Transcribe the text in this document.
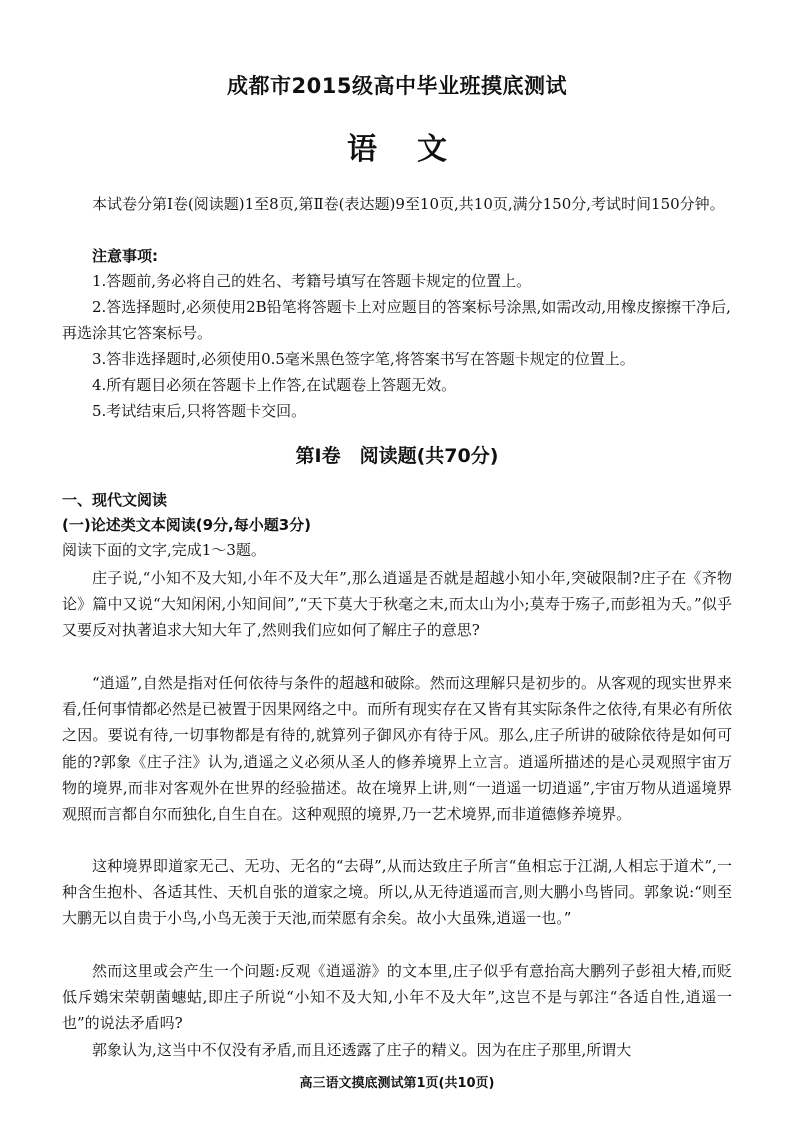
成都市2015级高中毕业班摸底测试
语 文
本试卷分第Ⅰ卷(阅读题)1至8页,第Ⅱ卷(表达题)9至10页,共10页,满分150分,考试时间150分钟。
注意事项:
1.答题前,务必将自己的姓名、考籍号填写在答题卡规定的位置上。
2.答选择题时,必须使用2B铅笔将答题卡上对应题目的答案标号涂黑,如需改动,用橡皮擦擦干净后,再选涂其它答案标号。
3.答非选择题时,必须使用0.5毫米黑色签字笔,将答案书写在答题卡规定的位置上。
4.所有题目必须在答题卡上作答,在试题卷上答题无效。
5.考试结束后,只将答题卡交回。
第Ⅰ卷　阅读题(共70分)
一、现代文阅读
(一)论述类文本阅读(9分,每小题3分)
阅读下面的文字,完成1～3题。
庄子说,“小知不及大知,小年不及大年”,那么逍遥是否就是超越小知小年,突破限制?庄子在《齐物论》篇中又说“大知闲闲,小知间间”,“天下莫大于秋毫之末,而太山为小;莫寿于殇子,而彭祖为夭。”似乎又要反对执著追求大知大年了,然则我们应如何了解庄子的意思?
“逍遥”,自然是指对任何依待与条件的超越和破除。然而这理解只是初步的。从客观的现实世界来看,任何事情都必然是已被置于因果网络之中。而所有现实存在又皆有其实际条件之依待,有果必有所依之因。要说有待,一切事物都是有待的,就算列子御风亦有待于风。那么,庄子所讲的破除依待是如何可能的?郭象《庄子注》认为,逍遥之义必须从圣人的修养境界上立言。逍遥所描述的是心灵观照宇宙万物的境界,而非对客观外在世界的经验描述。故在境界上讲,则“一逍遥一切逍遥”,宇宙万物从逍遥境界观照而言都自尔而独化,自生自在。这种观照的境界,乃一艺术境界,而非道德修养境界。
这种境界即道家无己、无功、无名的“去碍”,从而达致庄子所言“鱼相忘于江湖,人相忘于道术”,一种含生抱朴、各适其性、天机自张的道家之境。所以,从无待逍遥而言,则大鹏小鸟皆同。郭象说:“则至大鹏无以自贵于小鸟,小鸟无羡于天池,而荣愿有余矣。故小大虽殊,逍遥一也。”
然而这里或会产生一个问题:反观《逍遥游》的文本里,庄子似乎有意抬高大鹏列子彭祖大椿,而贬低斥鴳宋荣朝菌蟪蛄,即庄子所说“小知不及大知,小年不及大年”,这岂不是与郭注“各适自性,逍遥一也”的说法矛盾吗?
郭象认为,这当中不仅没有矛盾,而且还透露了庄子的精义。因为在庄子那里,所谓大
高三语文摸底测试第1页(共10页)
